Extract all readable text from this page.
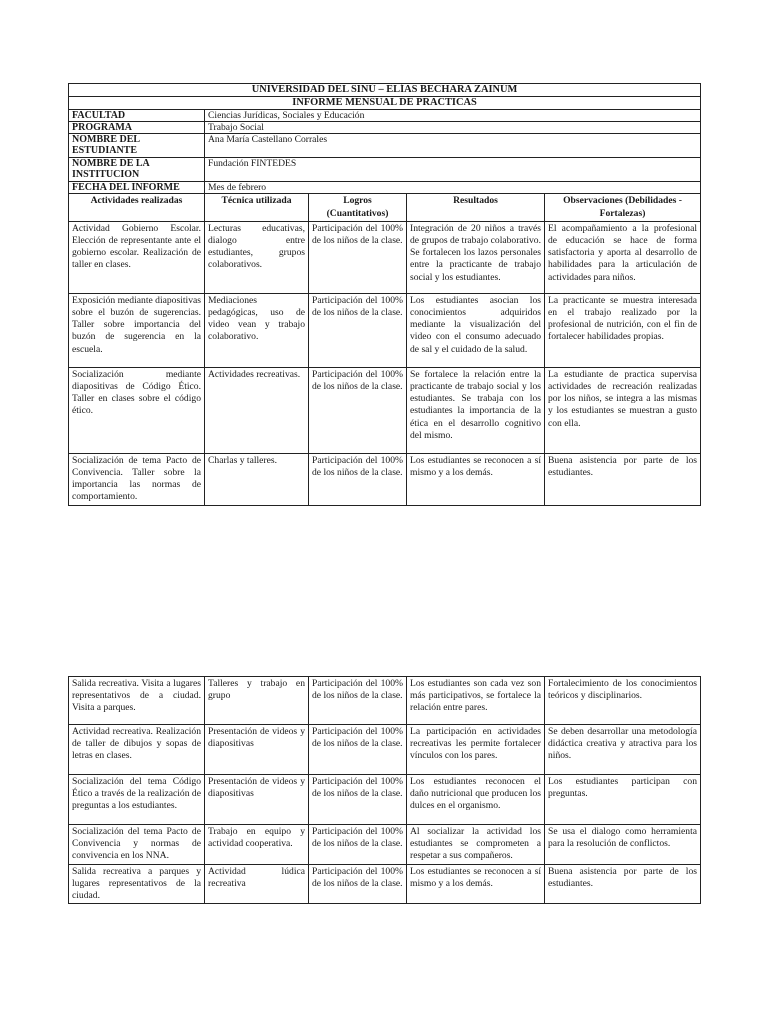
UNIVERSIDAD DEL SINÚ – ELÍAS BECHARA ZAINÚM				
INFORME MENSUAL DE PRACTICAS				
FACULTAD	Ciencias Jurídicas, Sociales y Educación			
PROGRAMA	Trabajo Social			
NOMBRE DEL ESTUDIANTE	Ana María Castellano Corrales			
NOMBRE DE LA INSTITUCION	Fundación FINTEDES			
FECHA DEL INFORME	Mes de febrero			
Actividades realizadas	Técnica utilizada	Logros (Cuantitativos)	Resultados	Observaciones (Debilidades - Fortalezas)
Actividad Gobierno Escolar. Elección de representante ante el gobierno escolar. Realización de taller en clases.	Lecturas educativas, dialogo entre estudiantes, grupos colaborativos.	Participación del 100% de los niños de la clase.	Integración de 20 niños a través de grupos de trabajo colaborativo. Se fortalecen los lazos personales entre la practicante de trabajo social y los estudiantes.	El acompañamiento a la profesional de educación se hace de forma satisfactoria y aporta al desarrollo de habilidades para la articulación de actividades para niños.
Exposición mediante diapositivas sobre el buzón de sugerencias. Taller sobre importancia del buzón de sugerencia en la escuela.	Mediaciones pedagógicas, uso de video vean y trabajo colaborativo.	Participación del 100% de los niños de la clase.	Los estudiantes asocian los conocimientos adquiridos mediante la visualización del video con el consumo adecuado de sal y el cuidado de la salud.	La practicante se muestra interesada en el trabajo realizado por la profesional de nutrición, con el fin de fortalecer habilidades propias.
Socialización mediante diapositivas de Código Ético. Taller en clases sobre el código ético.	Actividades recreativas.	Participación del 100% de los niños de la clase.	Se fortalece la relación entre la practicante de trabajo social y los estudiantes. Se trabaja con los estudiantes la importancia de la ética en el desarrollo cognitivo del mismo.	La estudiante de practica supervisa actividades de recreación realizadas por los niños, se integra a las mismas y los estudiantes se muestran a gusto con ella.
Socialización de tema Pacto de Convivencia. Taller sobre la importancia las normas de comportamiento.	Charlas y talleres.	Participación del 100% de los niños de la clase.	Los estudiantes se reconocen a sí mismo y a los demás.	Buena asistencia por parte de los estudiantes.
Salida recreativa. Visita a lugares representativos de a ciudad. Visita a parques.	Talleres y trabajo en grupo	Participación del 100% de los niños de la clase.	Los estudiantes son cada vez son más participativos, se fortalece la relación entre pares.	Fortalecimiento de los conocimientos teóricos y disciplinarios.
Actividad recreativa. Realización de taller de dibujos y sopas de letras en clases.	Presentación de videos y diapositivas	Participación del 100% de los niños de la clase.	La participación en actividades recreativas les permite fortalecer vínculos con los pares.	Se deben desarrollar una metodología didáctica creativa y atractiva para los niños.
Socialización del tema Código Ético a través de la realización de preguntas a los estudiantes.	Presentación de videos y diapositivas	Participación del 100% de los niños de la clase.	Los estudiantes reconocen el daño nutricional que producen los dulces en el organismo.	Los estudiantes participan con preguntas.
Socialización del tema Pacto de Convivencia y normas de convivencia en los NNA.	Trabajo en equipo y actividad cooperativa.	Participación del 100% de los niños de la clase.	Al socializar la actividad los estudiantes se comprometen a respetar a sus compañeros.	Se usa el dialogo como herramienta para la resolución de conflictos.
Salida recreativa a parques y lugares representativos de la ciudad.	Actividad lúdica recreativa	Participación del 100% de los niños de la clase.	Los estudiantes se reconocen a sí mismo y a los demás.	Buena asistencia por parte de los estudiantes.
